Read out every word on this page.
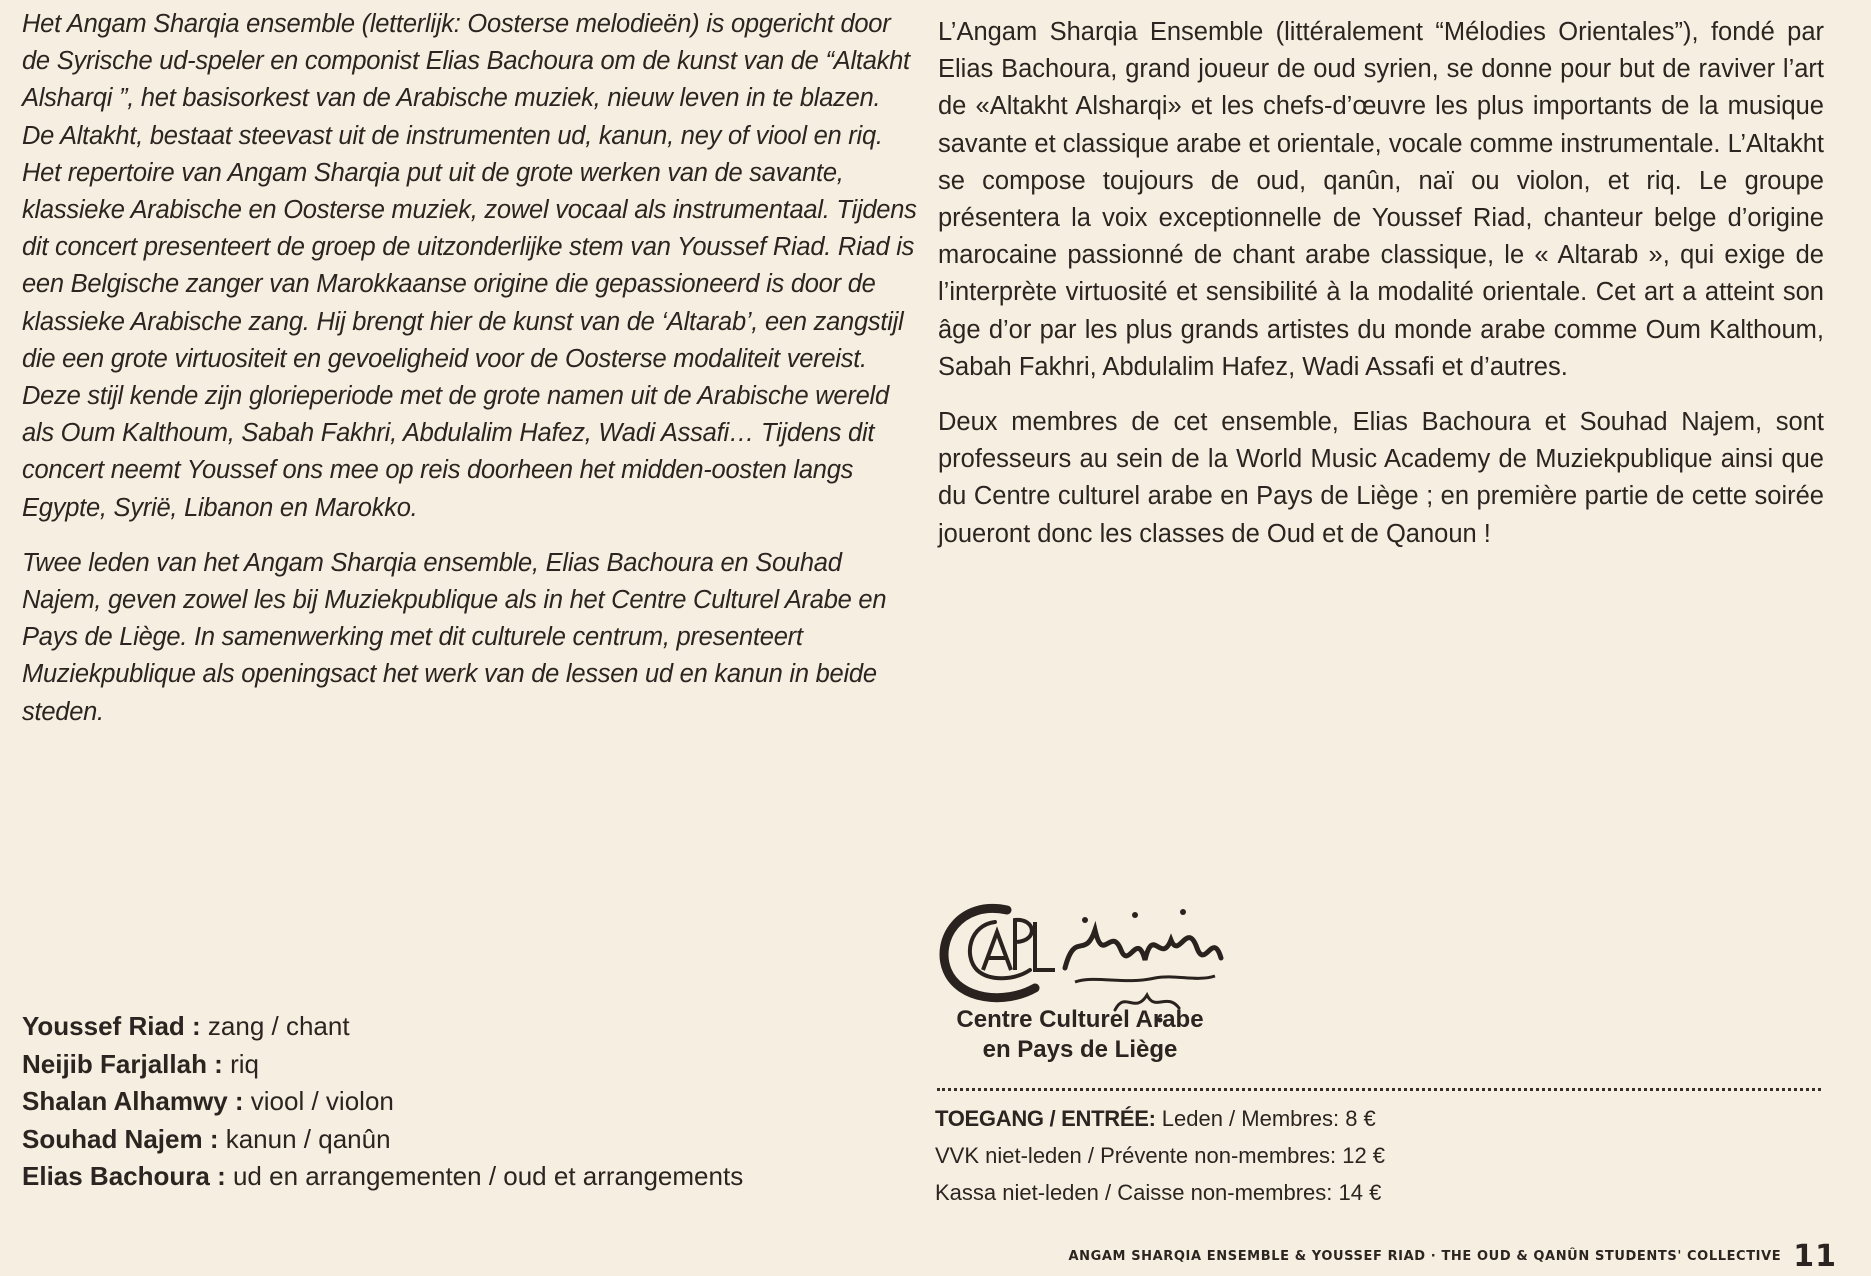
Het Angam Sharqia ensemble (letterlijk: Oosterse melodieën) is opgericht door de Syrische ud-speler en componist Elias Bachoura om de kunst van de “Altakht Alsharqi ”, het basisorkest van de Arabische muziek, nieuw leven in te blazen. De Altakht, bestaat steevast uit de instrumenten ud, kanun, ney of viool en riq. Het repertoire van Angam Sharqia put uit de grote werken van de savante, klassieke Arabische en Oosterse muziek, zowel vocaal als instrumentaal. Tijdens dit concert presenteert de groep de uitzonderlijke stem van Youssef Riad. Riad is een Belgische zanger van Marokkaanse origine die gepassioneerd is door de klassieke Arabische zang. Hij brengt hier de kunst van de ‘Altarab’, een zangstijl die een grote virtuositeit en gevoeligheid voor de Oosterse modaliteit vereist. Deze stijl kende zijn glorieperiode met de grote namen uit de Arabische wereld als Oum Kalthoum, Sabah Fakhri, Abdulalim Hafez, Wadi Assafi… Tijdens dit concert neemt Youssef ons mee op reis doorheen het midden-oosten langs Egypte, Syrië, Libanon en Marokko.

Twee leden van het Angam Sharqia ensemble, Elias Bachoura en Souhad Najem, geven zowel les bij Muziekpublique als in het Centre Culturel Arabe en Pays de Liège. In samenwerking met dit culturele centrum, presenteert Muziekpublique als openingsact het werk van de lessen ud en kanun in beide steden.

L’Angam Sharqia Ensemble (littéralement “Mélodies Orientales”), fondé par Elias Bachoura, grand joueur de oud syrien, se donne pour but de raviver l’art de «Altakht Alsharqi» et les chefs-d’œuvre les plus importants de la musique savante et classique arabe et orientale, vocale comme instrumentale. L’Altakht se compose toujours de oud, qanûn, naï ou violon, et riq. Le groupe présentera la voix exceptionnelle de Youssef Riad, chanteur belge d’origine marocaine passionné de chant arabe classique, le « Altarab », qui exige de l’interprète virtuosité et sensibilité à la modalité orientale. Cet art a atteint son âge d’or par les plus grands artistes du monde arabe comme Oum Kalthoum, Sabah Fakhri, Abdulalim Hafez, Wadi Assafi et d’autres.

Deux membres de cet ensemble, Elias Bachoura et Souhad Najem, sont professeurs au sein de la World Music Academy de Muziekpublique ainsi que du Centre culturel arabe en Pays de Liège ; en première partie de cette soirée joueront donc les classes de Oud et de Qanoun !

Centre Culturel Arabe
en Pays de Liège
TOEGANG / ENTRÉE: Leden / Membres: 8 €
VVK niet-leden / Prévente non-membres: 12 €
Kassa niet-leden / Caisse non-membres: 14 €
Youssef Riad : zang / chant
Neijib Farjallah : riq
Shalan Alhamwy : viool / violon
Souhad Najem : kanun / qanûn
Elias Bachoura : ud en arrangementen / oud et arrangements
ANGAM SHARQIA ENSEMBLE & YOUSSEF RIAD · THE OUD & QANÛN STUDENTS' COLLECTIVE 11
